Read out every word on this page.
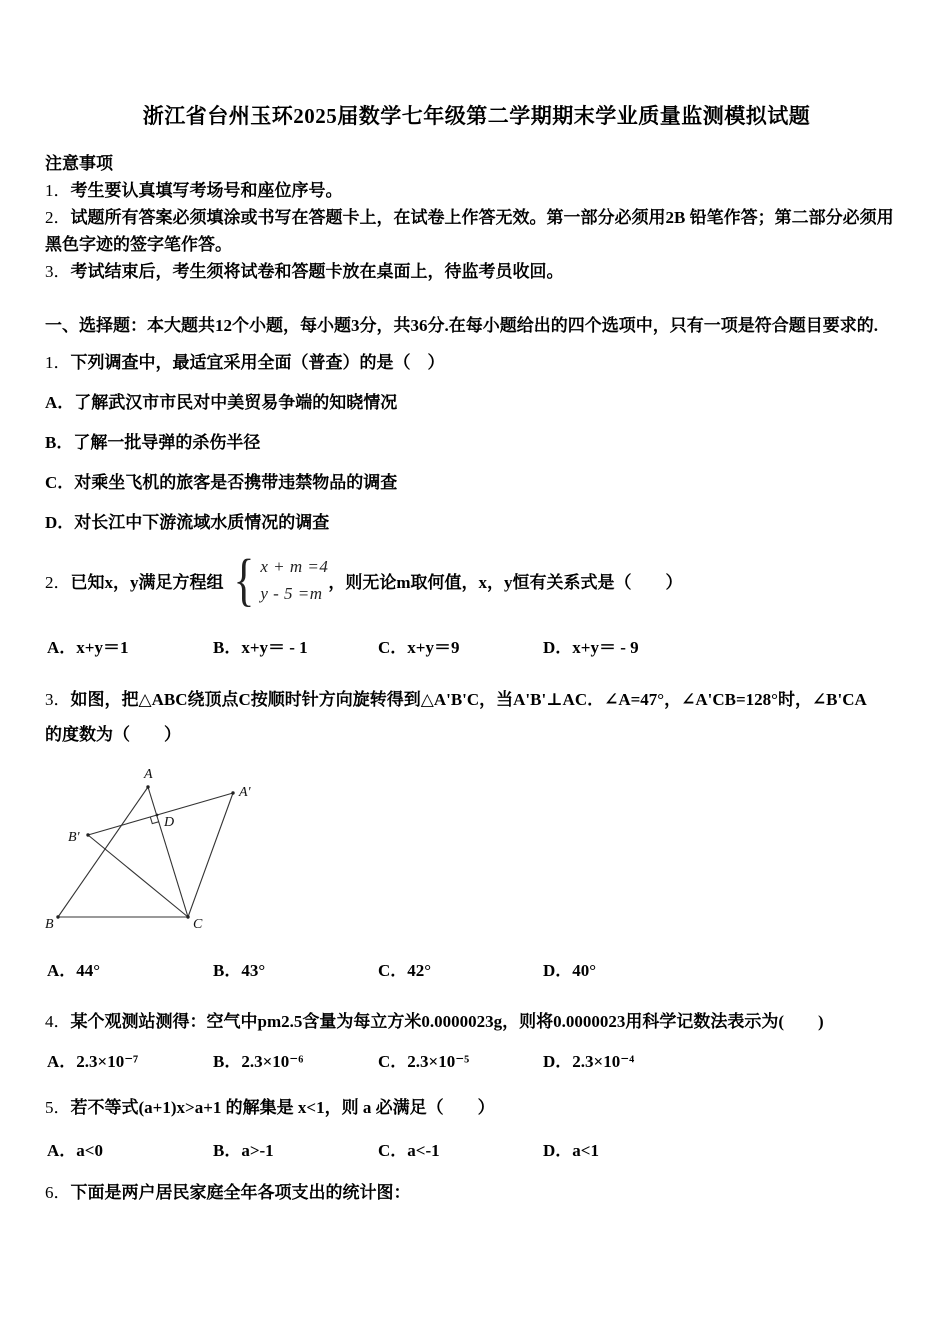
浙江省台州玉环2025届数学七年级第二学期期末学业质量监测模拟试题
注意事项
1．考生要认真填写考场号和座位序号。
2．试题所有答案必须填涂或书写在答题卡上，在试卷上作答无效。第一部分必须用2B 铅笔作答；第二部分必须用黑色字迹的签字笔作答。
3．考试结束后，考生须将试卷和答题卡放在桌面上，待监考员收回。
一、选择题：本大题共12个小题，每小题3分，共36分.在每小题给出的四个选项中，只有一项是符合题目要求的.
1．下列调查中，最适宜采用全面（普查）的是（　）
A．了解武汉市市民对中美贸易争端的知晓情况
B．了解一批导弹的杀伤半径
C．对乘坐飞机的旅客是否携带违禁物品的调查
D．对长江中下游流域水质情况的调查
2．已知x，y满足方程组 { x + m =4
y - 5 =m
，则无论m取何值，x，y恒有关系式是（　　）
A．x+y＝1	B．x+y＝ - 1	C．x+y＝9	D．x+y＝ - 9
3．如图，把△ABC绕顶点C按顺时针方向旋转得到△A'B'C，当A'B'⊥AC．∠A=47°，∠A'CB=128°时，∠B'CA
的度数为（　　）
A
A'
B'
B	C
D
A．44°	B．43°	C．42°	D．40°
4．某个观测站测得：空气中pm2.5含量为每立方米0.0000023g，则将0.0000023用科学记数法表示为(　　)
A．2.3×10⁻⁷	B．2.3×10⁻⁶	C．2.3×10⁻⁵	D．2.3×10⁻⁴
5．若不等式(a+1)x>a+1 的解集是 x<1，则 a 必满足（　　）
A．a<0	B．a>-1	C．a<-1	D．a<1
6．下面是两户居民家庭全年各项支出的统计图：
